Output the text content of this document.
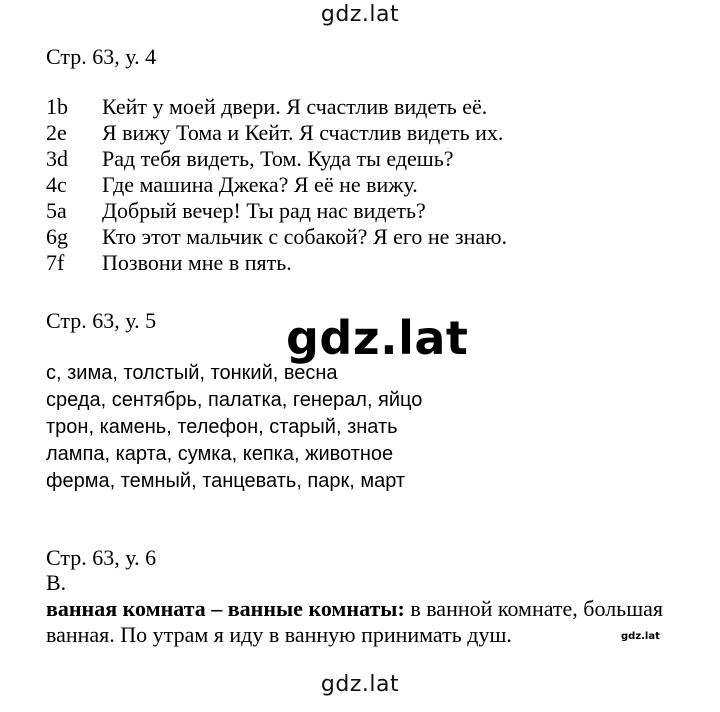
gdz.lat
Стр. 63, у. 4
1b	Кейт у моей двери. Я счастлив видеть её.
2e	Я вижу Тома и Кейт. Я счастлив видеть их.
3d	Рад тебя видеть, Том. Куда ты едешь?
4c	Где машина Джека? Я её не вижу.
5a	Добрый вечер! Ты рад нас видеть?
6g	Кто этот мальчик с собакой? Я его не знаю.
7f	Позвони мне в пять.
Стр. 63, у. 5
с, зима, толстый, тонкий, весна
среда, сентябрь, палатка, генерал, яйцо
трон, камень, телефон, старый, знать
лампа, карта, сумка, кепка, животное
ферма, темный, танцевать, парк, март
gdz.lat
Стр. 63, у. 6
B.
ванная комната – ванные комнаты: в ванной комнате, большая
ванная. По утрам я иду в ванную принимать душ.	gdz.lat
gdz.lat
